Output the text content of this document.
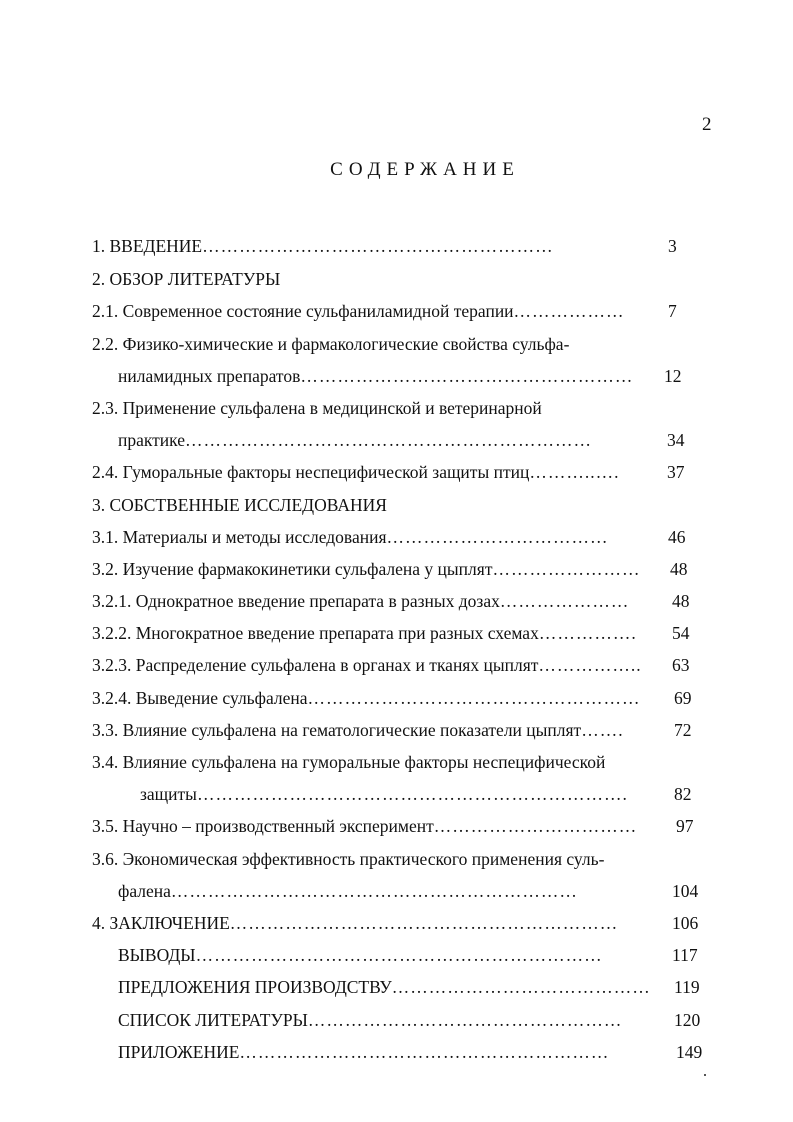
2
СОДЕРЖАНИЕ
1. ВВЕДЕНИЕ…………………………………………………	3
2. ОБЗОР ЛИТЕРАТУРЫ
2.1. Современное состояние сульфаниламидной терапии……………… 7
2.2. Физико-химические и фармакологические свойства сульфа-
ниламидных препаратов……………………………………………… 12
2.3. Применение сульфалена в медицинской и ветеринарной
практике…………………………………………………………	34
2.4. Гуморальные факторы неспецифической защиты птиц………..….	37
3. СОБСТВЕННЫЕ ИССЛЕДОВАНИЯ
3.1. Материалы и методы исследования………………………………	46
3.2. Изучение фармакокинетики сульфалена у цыплят…………………… 48
3.2.1. Однократное введение препарата в разных дозах………………… 48
3.2.2. Многократное введение препарата при разных схемах……………. 54
3.2.3. Распределение сульфалена в органах и тканях цыплят…………….. 63
3.2.4. Выведение сульфалена……………………………………………… 69
3.3. Влияние сульфалена на гематологические показатели цыплят…….	72
3.4. Влияние сульфалена на гуморальные факторы неспецифической
защиты…………………………………………………………….	82
3.5. Научно – производственный эксперимент…………………………… 97
3.6. Экономическая эффективность практического применения суль-
фалена…………………………………………………………	104
4. ЗАКЛЮЧЕНИЕ………………………………………………………	106
ВЫВОДЫ…………………………………………………………	117
ПРЕДЛОЖЕНИЯ ПРОИЗВОДСТВУ…………………………………… 119
СПИСОК ЛИТЕРАТУРЫ……………………………………………	120
ПРИЛОЖЕНИЕ……………………………………………………	149
